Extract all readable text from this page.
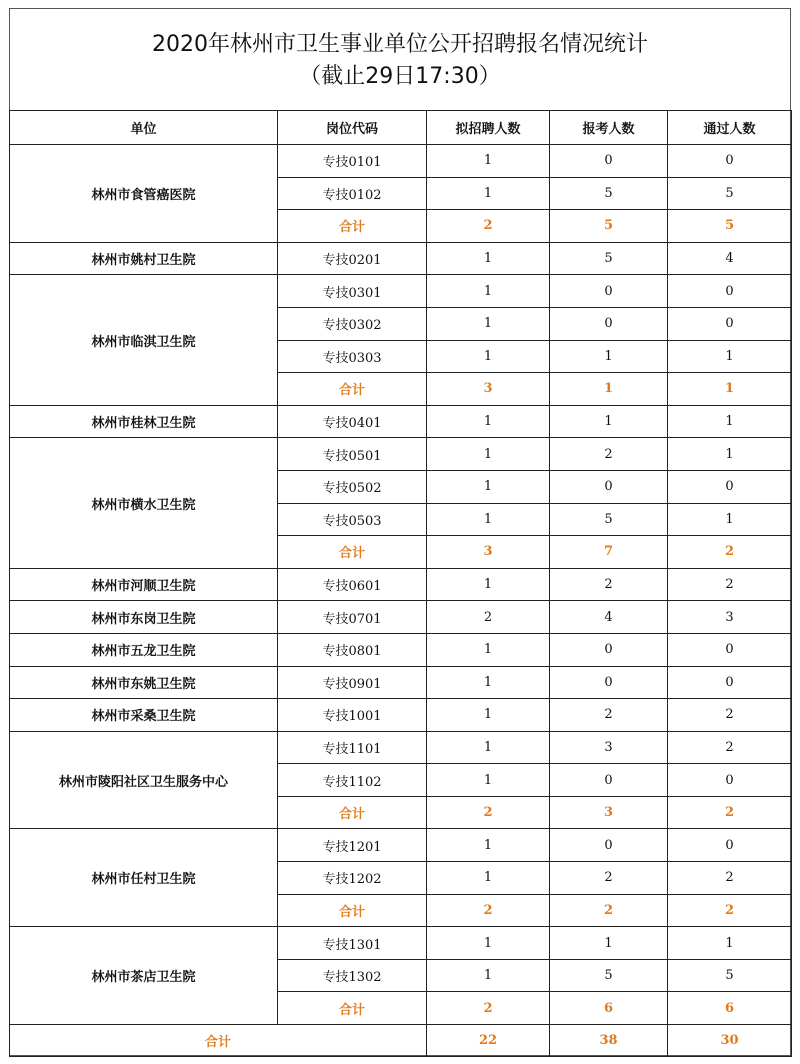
2020年林州市卫生事业单位公开招聘报名情况统计
（截止29日17:30）
单位	岗位代码	拟招聘人数	报考人数	通过人数
林州市食管癌医院	专技0101	1	0	0
	专技0102	1	5	5
	合计	2	5	5
林州市姚村卫生院	专技0201	1	5	4
林州市临淇卫生院	专技0301	1	0	0
	专技0302	1	0	0
	专技0303	1	1	1
	合计	3	1	1
林州市桂林卫生院	专技0401	1	1	1
林州市横水卫生院	专技0501	1	2	1
	专技0502	1	0	0
	专技0503	1	5	1
	合计	3	7	2
林州市河顺卫生院	专技0601	1	2	2
林州市东岗卫生院	专技0701	2	4	3
林州市五龙卫生院	专技0801	1	0	0
林州市东姚卫生院	专技0901	1	0	0
林州市采桑卫生院	专技1001	1	2	2
林州市陵阳社区卫生服务中心	专技1101	1	3	2
	专技1102	1	0	0
	合计	2	3	2
林州市任村卫生院	专技1201	1	0	0
	专技1202	1	2	2
	合计	2	2	2
林州市茶店卫生院	专技1301	1	1	1
	专技1302	1	5	5
	合计	2	6	6
合计		22	38	30
